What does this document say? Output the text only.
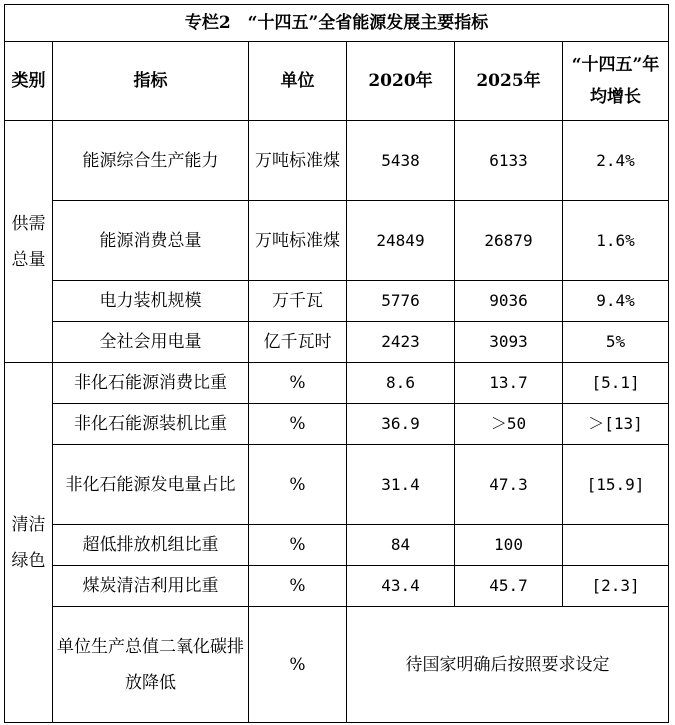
专栏2　“十四五”全省能源发展主要指标					
类别	指标	单位	2020年	2025年	“十四五”年均增长
供需总量	能源综合生产能力	万吨标准煤	5438	6133	2.4%
	能源消费总量	万吨标准煤	24849	26879	1.6%
	电力装机规模	万千瓦	5776	9036	9.4%
	全社会用电量	亿千瓦时	2423	3093	5%
清洁绿色	非化石能源消费比重	%	8.6	13.7	[5.1]
	非化石能源装机比重	%	36.9	＞50	＞[13]
	非化石能源发电量占比	%	31.4	47.3	[15.9]
	超低排放机组比重	%	84	100	
	煤炭清洁利用比重	%	43.4	45.7	[2.3]
	单位生产总值二氧化碳排放降低	%	待国家明确后按照要求设定		
